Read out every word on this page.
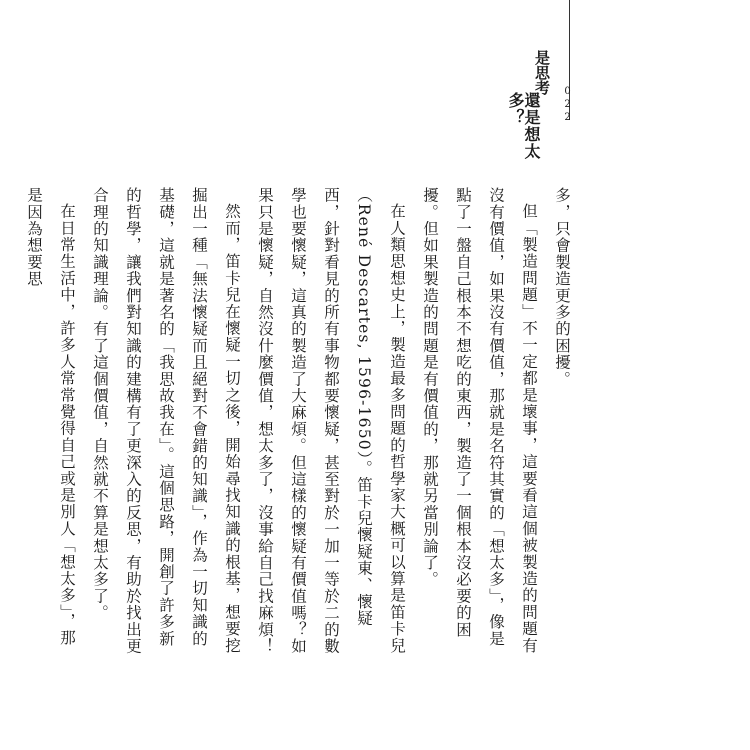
是思考
還是想太多？	022

多，只會製造更多的困擾。

但「製造問題」不一定都是壞事，這要看這個被製造的問題有沒有價值，如果沒有價值，那就是名符其實的「想太多」，像是點了一盤自己根本不想吃的東西，製造了一個根本沒必要的困擾。但如果製造的問題是有價值的，那就另當別論了。

在人類思想史上，製造最多問題的哲學家大概可以算是笛卡兒（René Descartes, 1596-1650）。笛卡兒懷疑東、懷疑西，針對看見的所有事物都要懷疑，甚至對於一加一等於二的數學也要懷疑，這真的製造了大麻煩。但這樣的懷疑有價值嗎？如果只是懷疑，自然沒什麼價值，想太多了，沒事給自己找麻煩！

然而，笛卡兒在懷疑一切之後，開始尋找知識的根基，想要挖掘出一種「無法懷疑而且絕對不會錯的知識」，作為一切知識的基礎，這就是著名的「我思故我在」。這個思路，開創了許多新的哲學，讓我們對知識的建構有了更深入的反思，有助於找出更合理的知識理論。有了這個價值，自然就不算是想太多了。

在日常生活中，許多人常常覺得自己或是別人「想太多」，那是因為想要思
